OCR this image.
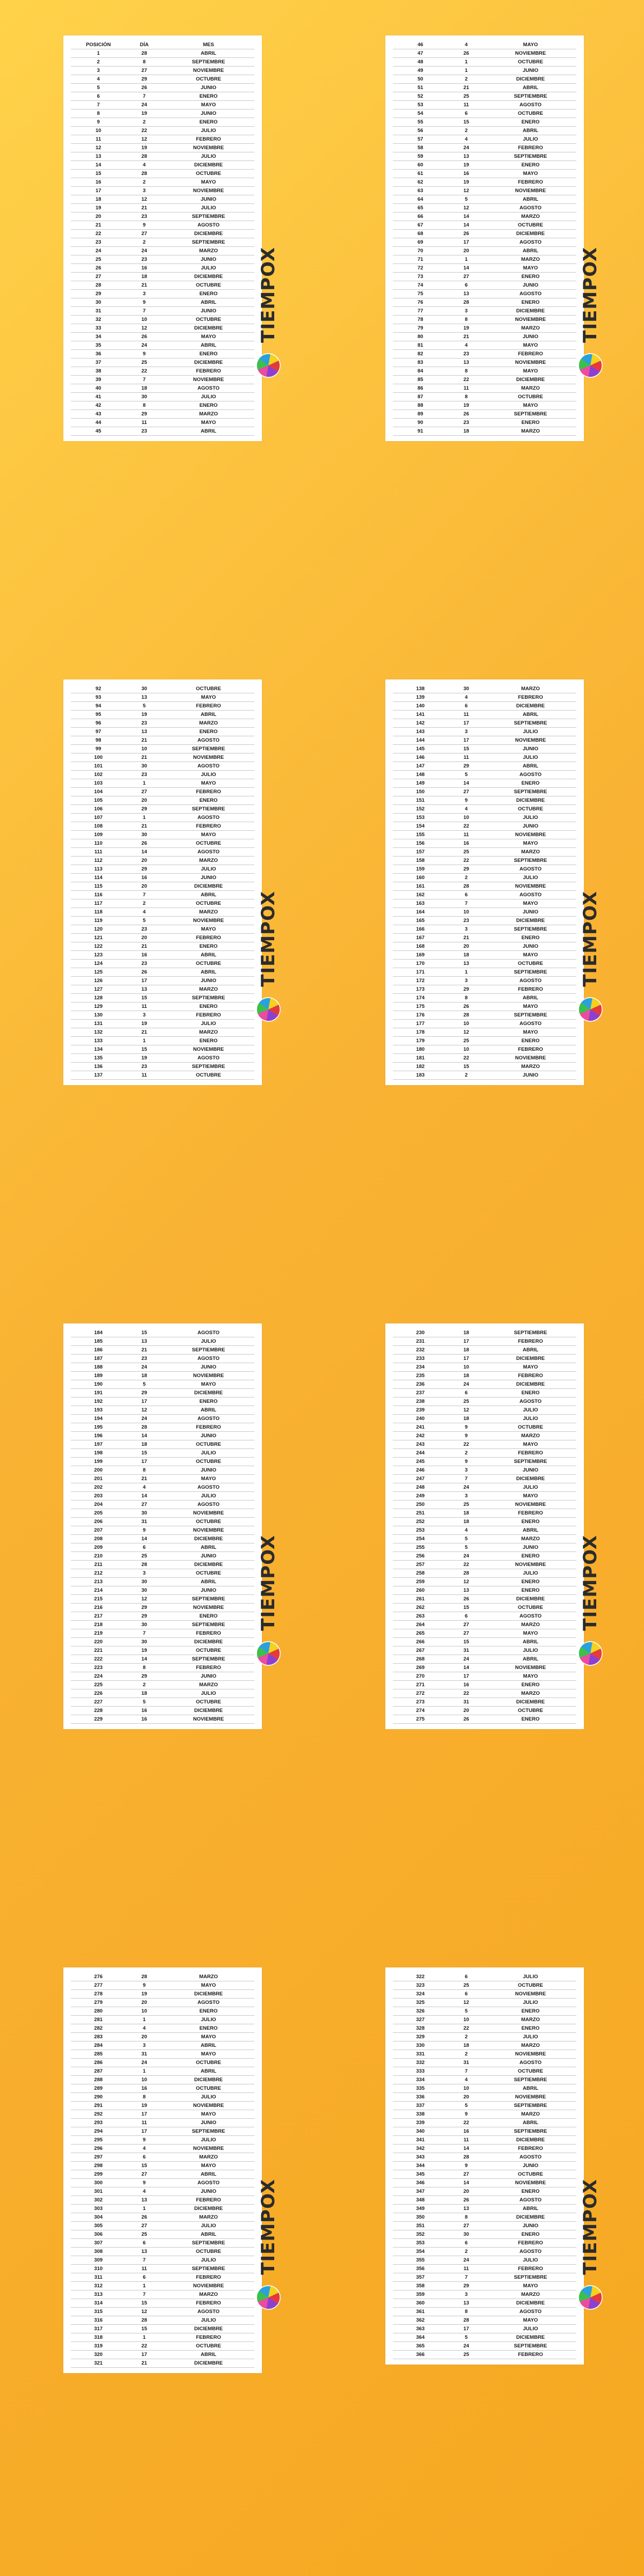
POSICIÓN	DÍA	MES
1	28	ABRIL
2	8	SEPTIEMBRE
3	27	NOVIEMBRE
4	29	OCTUBRE
5	26	JUNIO
6	7	ENERO
7	24	MAYO
8	19	JUNIO
9	2	ENERO
10	22	JULIO
11	12	FEBRERO
12	19	NOVIEMBRE
13	28	JULIO
14	4	DICIEMBRE
15	28	OCTUBRE
16	2	MAYO
17	3	NOVIEMBRE
18	12	JUNIO
19	21	JULIO
20	23	SEPTIEMBRE
21	9	AGOSTO
22	27	DICIEMBRE
23	2	SEPTIEMBRE
24	24	MARZO
25	23	JUNIO
26	16	JULIO
27	18	DICIEMBRE
28	21	OCTUBRE
29	3	ENERO
30	9	ABRIL
31	7	JUNIO
32	10	OCTUBRE
33	12	DICIEMBRE
34	26	MAYO
35	24	ABRIL
36	9	ENERO
37	25	DICIEMBRE
38	22	FEBRERO
39	7	NOVIEMBRE
40	18	AGOSTO
41	30	JULIO
42	8	ENERO
43	29	MARZO
44	11	MAYO
45	23	ABRIL
TIEMPOX
46	4	MAYO
47	26	NOVIEMBRE
48	1	OCTUBRE
49	1	JUNIO
50	2	DICIEMBRE
51	21	ABRIL
52	25	SEPTIEMBRE
53	11	AGOSTO
54	6	OCTUBRE
55	15	ENERO
56	2	ABRIL
57	4	JULIO
58	24	FEBRERO
59	13	SEPTIEMBRE
60	19	ENERO
61	16	MAYO
62	19	FEBRERO
63	12	NOVIEMBRE
64	5	ABRIL
65	12	AGOSTO
66	14	MARZO
67	14	OCTUBRE
68	26	DICIEMBRE
69	17	AGOSTO
70	20	ABRIL
71	1	MARZO
72	14	MAYO
73	27	ENERO
74	6	JUNIO
75	13	AGOSTO
76	28	ENERO
77	3	DICIEMBRE
78	8	NOVIEMBRE
79	19	MARZO
80	21	JUNIO
81	4	MAYO
82	23	FEBRERO
83	13	NOVIEMBRE
84	8	MAYO
85	22	DICIEMBRE
86	11	MARZO
87	8	OCTUBRE
88	19	MAYO
89	26	SEPTIEMBRE
90	23	ENERO
91	18	MARZO
TIEMPOX
92	30	OCTUBRE
93	13	MAYO
94	5	FEBRERO
95	19	ABRIL
96	23	MARZO
97	13	ENERO
98	21	AGOSTO
99	10	SEPTIEMBRE
100	21	NOVIEMBRE
101	30	AGOSTO
102	23	JULIO
103	1	MAYO
104	27	FEBRERO
105	20	ENERO
106	29	SEPTIEMBRE
107	1	AGOSTO
108	21	FEBRERO
109	30	MAYO
110	26	OCTUBRE
111	14	AGOSTO
112	20	MARZO
113	29	JULIO
114	16	JUNIO
115	20	DICIEMBRE
116	7	ABRIL
117	2	OCTUBRE
118	4	MARZO
119	5	NOVIEMBRE
120	23	MAYO
121	20	FEBRERO
122	21	ENERO
123	16	ABRIL
124	23	OCTUBRE
125	26	ABRIL
126	17	JUNIO
127	13	MARZO
128	15	SEPTIEMBRE
129	11	ENERO
130	3	FEBRERO
131	19	JULIO
132	21	MARZO
133	1	ENERO
134	15	NOVIEMBRE
135	19	AGOSTO
136	23	SEPTIEMBRE
137	11	OCTUBRE
TIEMPOX
138	30	MARZO
139	4	FEBRERO
140	6	DICIEMBRE
141	11	ABRIL
142	17	SEPTIEMBRE
143	3	JULIO
144	17	NOVIEMBRE
145	15	JUNIO
146	11	JULIO
147	29	ABRIL
148	5	AGOSTO
149	14	ENERO
150	27	SEPTIEMBRE
151	9	DICIEMBRE
152	4	OCTUBRE
153	10	JULIO
154	22	JUNIO
155	11	NOVIEMBRE
156	16	MAYO
157	25	MARZO
158	22	SEPTIEMBRE
159	29	AGOSTO
160	2	JULIO
161	28	NOVIEMBRE
162	6	AGOSTO
163	7	MAYO
164	10	JUNIO
165	23	DICIEMBRE
166	3	SEPTIEMBRE
167	21	ENERO
168	20	JUNIO
169	18	MAYO
170	13	OCTUBRE
171	1	SEPTIEMBRE
172	3	AGOSTO
173	29	FEBRERO
174	8	ABRIL
175	26	MAYO
176	28	SEPTIEMBRE
177	10	AGOSTO
178	12	MAYO
179	25	ENERO
180	10	FEBRERO
181	22	NOVIEMBRE
182	15	MARZO
183	2	JUNIO
TIEMPOX
184	15	AGOSTO
185	13	JULIO
186	21	SEPTIEMBRE
187	23	AGOSTO
188	24	JUNIO
189	18	NOVIEMBRE
190	5	MAYO
191	29	DICIEMBRE
192	17	ENERO
193	12	ABRIL
194	24	AGOSTO
195	28	FEBRERO
196	14	JUNIO
197	18	OCTUBRE
198	15	JULIO
199	17	OCTUBRE
200	8	JUNIO
201	21	MAYO
202	4	AGOSTO
203	14	JULIO
204	27	AGOSTO
205	30	NOVIEMBRE
206	31	OCTUBRE
207	9	NOVIEMBRE
208	14	DICIEMBRE
209	6	ABRIL
210	25	JUNIO
211	28	DICIEMBRE
212	3	OCTUBRE
213	30	ABRIL
214	30	JUNIO
215	12	SEPTIEMBRE
216	29	NOVIEMBRE
217	29	ENERO
218	30	SEPTIEMBRE
219	7	FEBRERO
220	30	DICIEMBRE
221	19	OCTUBRE
222	14	SEPTIEMBRE
223	8	FEBRERO
224	29	JUNIO
225	2	MARZO
226	18	JULIO
227	5	OCTUBRE
228	16	DICIEMBRE
229	16	NOVIEMBRE
TIEMPOX
230	18	SEPTIEMBRE
231	17	FEBRERO
232	18	ABRIL
233	17	DICIEMBRE
234	10	MAYO
235	18	FEBRERO
236	24	DICIEMBRE
237	6	ENERO
238	25	AGOSTO
239	12	JULIO
240	18	JULIO
241	9	OCTUBRE
242	9	MARZO
243	22	MAYO
244	2	FEBRERO
245	9	SEPTIEMBRE
246	3	JUNIO
247	7	DICIEMBRE
248	24	JULIO
249	3	MAYO
250	25	NOVIEMBRE
251	18	FEBRERO
252	18	ENERO
253	4	ABRIL
254	5	MARZO
255	5	JUNIO
256	24	ENERO
257	22	NOVIEMBRE
258	28	JULIO
259	12	ENERO
260	13	ENERO
261	26	DICIEMBRE
262	15	OCTUBRE
263	6	AGOSTO
264	27	MARZO
265	27	MAYO
266	15	ABRIL
267	31	JULIO
268	24	ABRIL
269	14	NOVIEMBRE
270	17	MAYO
271	16	ENERO
272	22	MARZO
273	31	DICIEMBRE
274	20	OCTUBRE
275	26	ENERO
TIEMPOX
276	28	MARZO
277	9	MAYO
278	19	DICIEMBRE
279	20	AGOSTO
280	10	ENERO
281	1	JULIO
282	4	ENERO
283	20	MAYO
284	3	ABRIL
285	31	MAYO
286	24	OCTUBRE
287	1	ABRIL
288	10	DICIEMBRE
289	16	OCTUBRE
290	8	JULIO
291	19	NOVIEMBRE
292	17	MAYO
293	11	JUNIO
294	17	SEPTIEMBRE
295	9	JULIO
296	4	NOVIEMBRE
297	6	MARZO
298	15	MAYO
299	27	ABRIL
300	9	AGOSTO
301	4	JUNIO
302	13	FEBRERO
303	1	DICIEMBRE
304	26	MARZO
305	27	JULIO
306	25	ABRIL
307	6	SEPTIEMBRE
308	13	OCTUBRE
309	7	JULIO
310	11	SEPTIEMBRE
311	6	FEBRERO
312	1	NOVIEMBRE
313	7	MARZO
314	15	FEBRERO
315	12	AGOSTO
316	28	JULIO
317	15	DICIEMBRE
318	1	FEBRERO
319	22	OCTUBRE
320	17	ABRIL
321	21	DICIEMBRE
TIEMPOX
322	6	JULIO
323	25	OCTUBRE
324	6	NOVIEMBRE
325	12	JULIO
326	5	ENERO
327	10	MARZO
328	22	ENERO
329	2	JULIO
330	18	MARZO
331	2	NOVIEMBRE
332	31	AGOSTO
333	7	OCTUBRE
334	4	SEPTIEMBRE
335	10	ABRIL
336	20	NOVIEMBRE
337	5	SEPTIEMBRE
338	9	MARZO
339	22	ABRIL
340	16	SEPTIEMBRE
341	11	DICIEMBRE
342	14	FEBRERO
343	28	AGOSTO
344	9	JUNIO
345	27	OCTUBRE
346	14	NOVIEMBRE
347	20	ENERO
348	26	AGOSTO
349	13	ABRIL
350	8	DICIEMBRE
351	27	JUNIO
352	30	ENERO
353	6	FEBRERO
354	2	AGOSTO
355	24	JULIO
356	11	FEBRERO
357	7	SEPTIEMBRE
358	29	MAYO
359	3	MARZO
360	13	DICIEMBRE
361	8	AGOSTO
362	28	MAYO
363	17	JULIO
364	5	DICIEMBRE
365	24	SEPTIEMBRE
366	25	FEBRERO
TIEMPOX
